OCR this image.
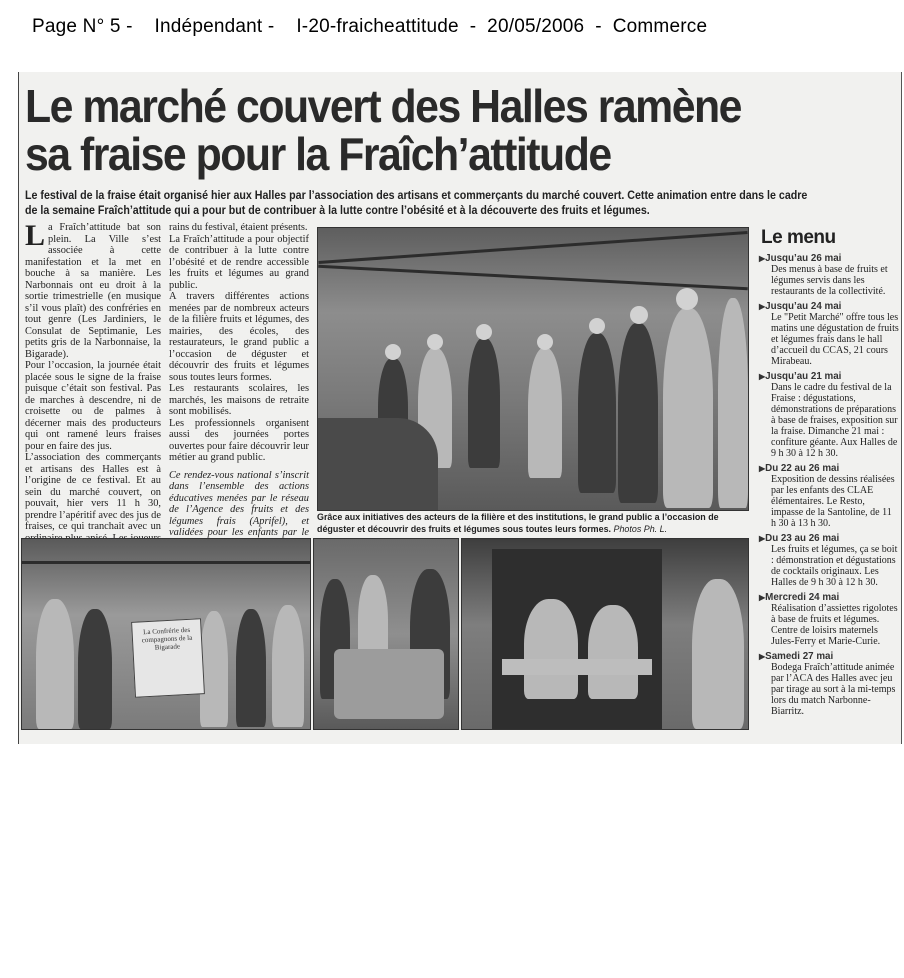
Page N° 5 -    Indépendant -    I-20-fraicheattitude  -  20/05/2006  -  Commerce
Le marché couvert des Halles ramène
sa fraise pour la Fraîch’attitude
Le festival de la fraise était organisé hier aux Halles par l’association des artisans et commerçants du marché couvert. Cette animation entre dans le cadre de la semaine Fraîch’attitude qui a pour but de contribuer à la lutte contre l’obésité et à la découverte des fruits et légumes.

La Fraîch’attitude bat son plein. La Ville s’est associée à cette manifestation et la met en bouche à sa manière. Les Narbonnais ont eu droit à la sortie trimestrielle (en musique s’il vous plaît) des confréries en tout genre (Les Jardiniers, le Consulat de Septimanie, Les petits gris de la Narbonnaise, la Bigarade).

Pour l’occasion, la journée était placée sous le signe de la fraise puisque c’était son festival. Pas de marches à descendre, ni de croisette ou de palmes à décerner mais des producteurs qui ont ramené leurs fraises pour en faire des jus.

L’association des commerçants et artisans des Halles est à l’origine de ce festival. Et au sein du marché couvert, on pouvait, hier vers 11 h 30, prendre l’apéritif avec des jus de fraises, ce qui tranchait avec un

rains du festival, étaient présents.

La Fraîch’attitude a pour objectif de contribuer à la lutte contre l’obésité et de rendre accessible les fruits et légumes au grand public.

A travers différentes actions menées par de nombreux acteurs de la filière fruits et légumes, des mairies, des écoles, des restaurateurs, le grand public a l’occasion de déguster et découvrir des fruits et légumes sous toutes leurs formes.

Les restaurants scolaires, les marchés, les maisons de retraite sont mobilisés.

Les professionnels organisent aussi des journées portes ouvertes pour faire découvrir leur métier au grand public.

Ce rendez-vous national s’inscrit dans l’ensemble des actions éducatives menées par le réseau de l’Agence des fruits et des légumes frais (Aprifel), et validées pour les enfants par le

Grâce aux initiatives des acteurs de la filière et des institutions, le grand public a l’occasion de déguster et découvrir des fruits et légumes sous toutes leurs formes. Photos Ph. L.
La Confrérie des compagnons de la Bigarade
Le menu
▶ Jusqu’au 26 mai
Des menus à base de fruits et légumes servis dans les restaurants de la collectivité.
▶ Jusqu’au 24 mai
Le "Petit Marché" offre tous les matins une dégustation de fruits et légumes frais dans le hall d’accueil du CCAS, 21 cours Mirabeau.
▶ Jusqu’au 21 mai
Dans le cadre du festival de la Fraise : dégustations, démonstrations de préparations à base de fraises, exposition sur la fraise. Dimanche 21 mai : confiture géante. Aux Halles de 9 h 30 à 12 h 30.
▶ Du 22 au 26 mai
Exposition de dessins réalisées par les enfants des CLAE élémentaires. Le Resto, impasse de la Santoline, de 11 h 30 à 13 h 30.
▶ Du 23 au 26 mai
Les fruits et légumes, ça se boit : démonstration et dégustations de cocktails originaux. Les Halles de 9 h 30 à 12 h 30.
▶ Mercredi 24 mai
Réalisation d’assiettes rigolotes à base de fruits et légumes. Centre de loisirs maternels Jules-Ferry et Marie-Curie.
▶ Samedi 27 mai
Bodega Fraîch’attitude animée par l’ACA des Halles avec jeu par tirage au sort à la mi-temps lors du match Narbonne-Biarritz.
